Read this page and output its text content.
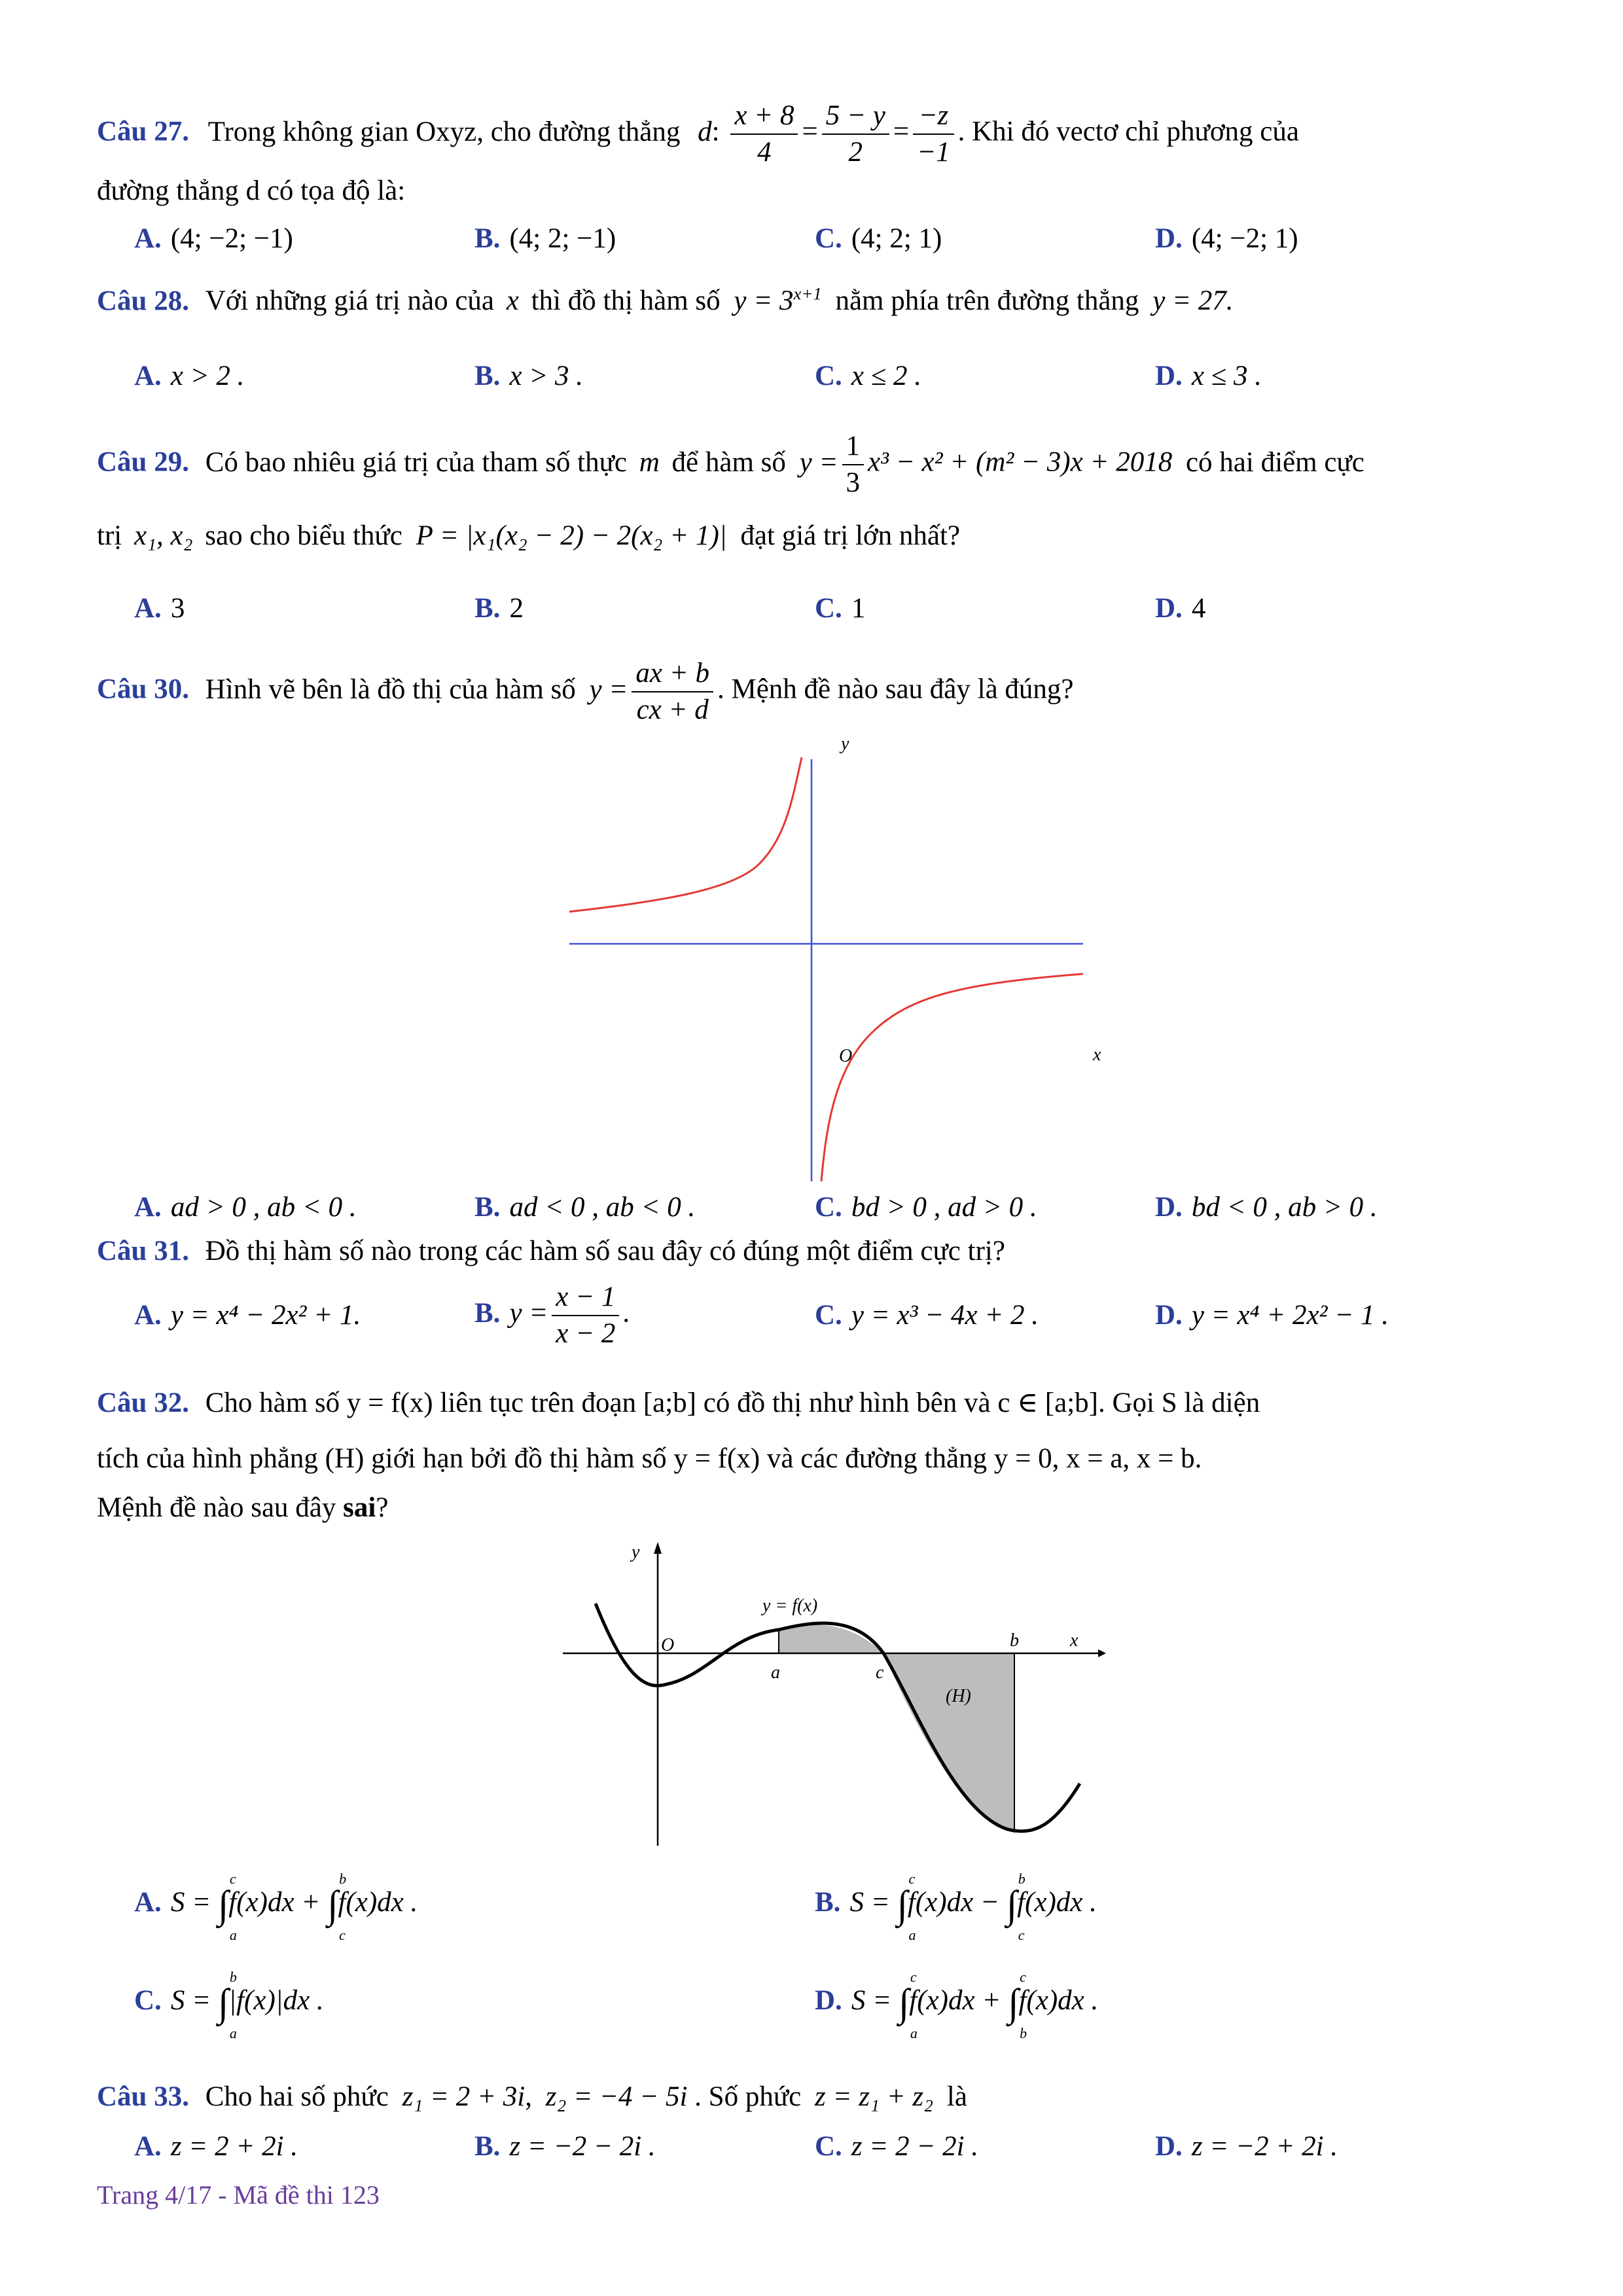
Câu 27. Trong không gian Oxyz, cho đường thẳng d: $\frac{x + 8}{4} = \frac{5 - y}{2} = \frac{-z}{-1}$ . Khi đó vectơ chỉ phương của
đường thẳng d có tọa độ là:
A. (4; −2; −1)	B. (4; 2; −1)	C. (4; 2; 1)	D. (4; −2; 1)
Câu 28. Với những giá trị nào của x thì đồ thị hàm số $y = 3^{x+1}$ nằm phía trên đường thẳng y = 27.
A. x > 2 .	B. x > 3 .	C. x ≤ 2 .	D. x ≤ 3 .
Câu 29. Có bao nhiêu giá trị của tham số thực m để hàm số $y = \frac{1}{3} x^3 - x^2 + (m^2 - 3)x + 2018$ có hai điểm cực
trị x₁, x₂ sao cho biểu thức P = |x₁(x₂ − 2) − 2(x₂ + 1)| đạt giá trị lớn nhất?
A. 3	B. 2	C. 1	D. 4
Câu 30. Hình vẽ bên là đồ thị của hàm số $y = \frac{ax + b}{cx + d}$ . Mệnh đề nào sau đây là đúng?
O	x
y
A. ad > 0 , ab < 0 .	B. ad < 0 , ab < 0 .	C. bd > 0 , ad > 0 .	D. bd < 0 , ab > 0 .
Câu 31. Đồ thị hàm số nào trong các hàm số sau đây có đúng một điểm cực trị?
A. y = x⁴ − 2x² + 1.	B. $y = \frac{x - 1}{x - 2}$ .	C. y = x³ − 4x + 2 .	D. y = x⁴ + 2x² − 1 .
Câu 32. Cho hàm số y = f(x) liên tục trên đoạn [a;b] có đồ thị như hình bên và c ∈ [a;b]. Gọi S là diện
tích của hình phẳng (H) giới hạn bởi đồ thị hàm số y = f(x) và các đường thẳng y = 0, x = a, x = b.
Mệnh đề nào sau đây sai?
O	x
y
y = f(x)
a
b
c
(H)
A. S = ∫
c
a
f(x)dx + ∫
b
c
f(x)dx .	B. S = ∫
c
a
f(x)dx − ∫
b
c
f(x)dx .
C. S = ∫
b
a
|f(x)|dx .	D. S = ∫
c
a
f(x)dx + ∫
c
b
f(x)dx .
Câu 33. Cho hai số phức z₁ = 2 + 3i, z₂ = −4 − 5i . Số phức z = z₁ + z₂ là
A. z = 2 + 2i .	B. z = −2 − 2i .	C. z = 2 − 2i .	D. z = −2 + 2i .
Trang 4/17 - Mã đề thi 123
